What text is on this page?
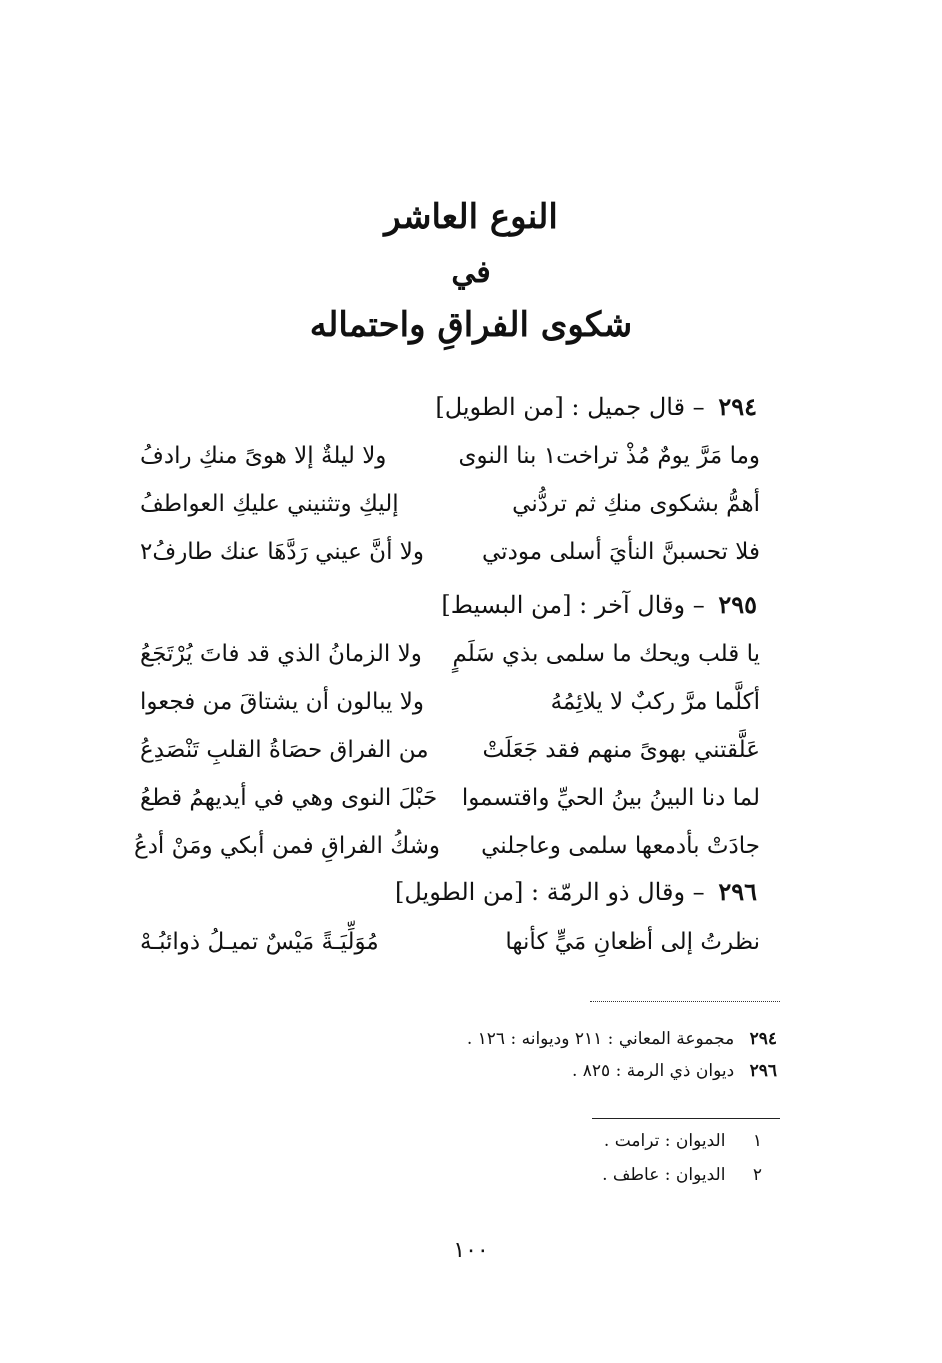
النوع العاشر
في
شكوى الفراقِ واحتماله
٢٩٤ – قال جميل : [من الطويل]
وما مَرَّ يومٌ مُذْ تراخت١ بنا النوى
ولا ليلةٌ إلا هوىً منكِ رادفُ
أهمُّ بشكوى منكِ ثم تردُّني
إليكِ وتثنيني عليكِ العواطفُ
فلا تحسبنَّ النأيَ أسلى مودتي
ولا أنَّ عيني رَدَّهَا عنك طارفُ٢
٢٩٥ – وقال آخر : [من البسيط]
يا قلب ويحك ما سلمى بذي سَلَمٍ
ولا الزمانُ الذي قد فاتَ يُرْتَجَعُ
أكلَّما مرَّ ركبٌ لا يلائِمُهُ
ولا يبالون أن يشتاقَ من فجعوا
عَلَّقتني بهوىً منهم فقد جَعَلَتْ
من الفراق حصَاةُ القلبِ تَنْصَدِعُ
لما دنا البينُ بينُ الحيِّ واقتسموا
حَبْلَ النوى وهي في أيديهمُ قطعُ
جادَتْ بأدمعها سلمى وعاجلني
وشكُ الفراقِ فمن أبكي ومَنْ أدعُ
٢٩٦ – وقال ذو الرمّة : [من الطويل]
نظرتُ إلى أظعانِ مَيٍّ كأنها
مُوَلِّيَـةً مَيْسٌ تميـلُ ذوائبُـهْ
٢٩٤ مجموعة المعاني : ٢١١ وديوانه : ١٢٦ .
٢٩٦ ديوان ذي الرمة : ٨٢٥ .
١ الديوان : ترامت .
٢ الديوان : عاطف .
١٠٠
